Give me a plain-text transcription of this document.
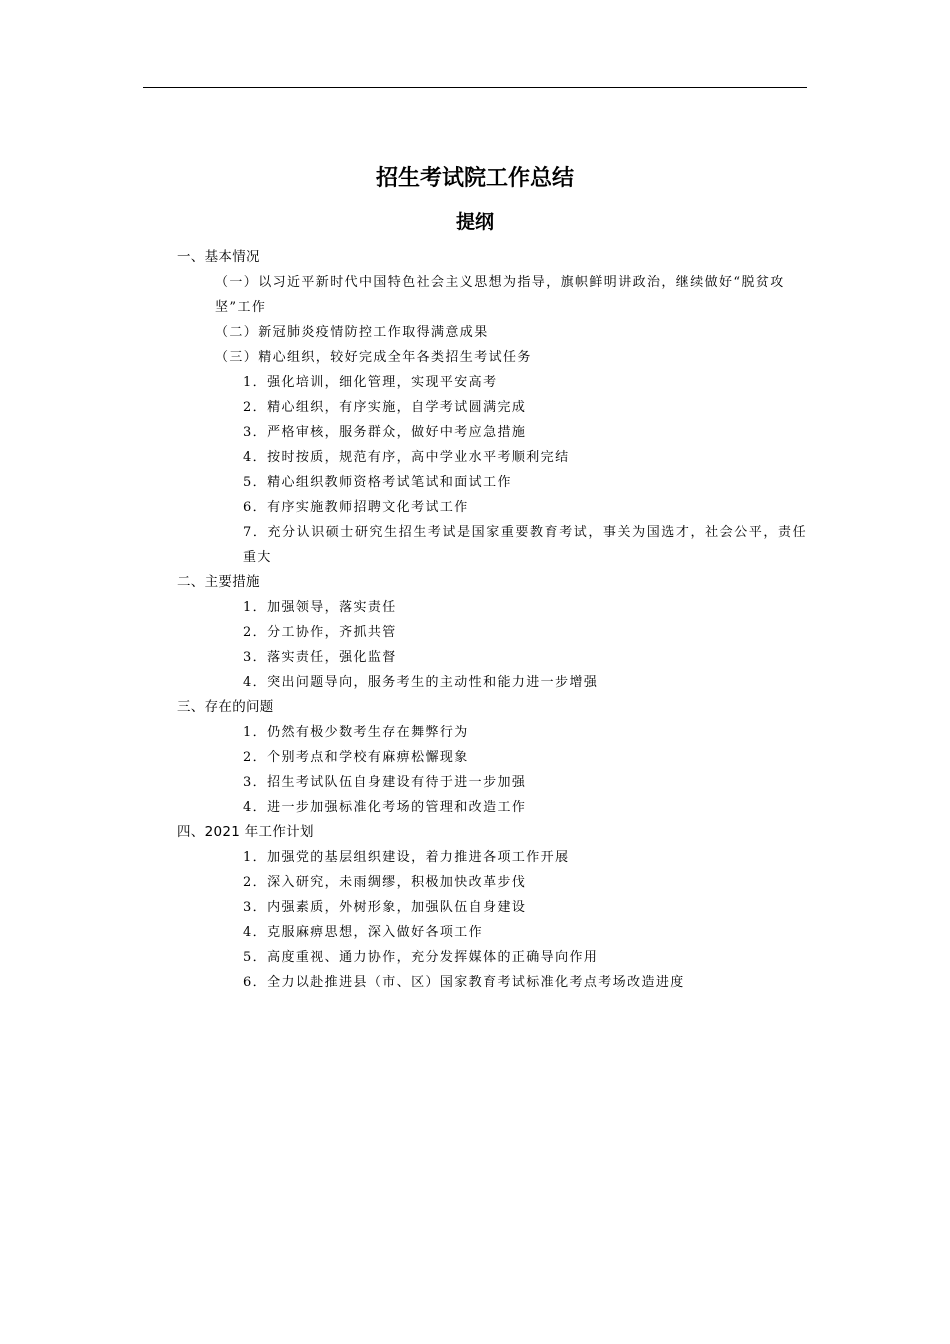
招生考试院工作总结
提纲
一、基本情况
（一）以习近平新时代中国特色社会主义思想为指导，旗帜鲜明讲政治，继续做好“脱贫攻坚”工作
（二）新冠肺炎疫情防控工作取得满意成果
（三）精心组织，较好完成全年各类招生考试任务
1．强化培训，细化管理，实现平安高考
2．精心组织，有序实施，自学考试圆满完成
3．严格审核，服务群众，做好中考应急措施
4．按时按质，规范有序，高中学业水平考顺利完结
5．精心组织教师资格考试笔试和面试工作
6．有序实施教师招聘文化考试工作
7．充分认识硕士研究生招生考试是国家重要教育考试，事关为国选才，社会公平，责任重大
二、主要措施
1．加强领导，落实责任
2．分工协作，齐抓共管
3．落实责任，强化监督
4．突出问题导向，服务考生的主动性和能力进一步增强
三、存在的问题
1．仍然有极少数考生存在舞弊行为
2．个别考点和学校有麻痹松懈现象
3．招生考试队伍自身建设有待于进一步加强
4．进一步加强标准化考场的管理和改造工作
四、2021 年工作计划
1．加强党的基层组织建设，着力推进各项工作开展
2．深入研究，未雨绸缪，积极加快改革步伐
3．内强素质，外树形象，加强队伍自身建设
4．克服麻痹思想，深入做好各项工作
5．高度重视、通力协作，充分发挥媒体的正确导向作用
6．全力以赴推进县（市、区）国家教育考试标准化考点考场改造进度
